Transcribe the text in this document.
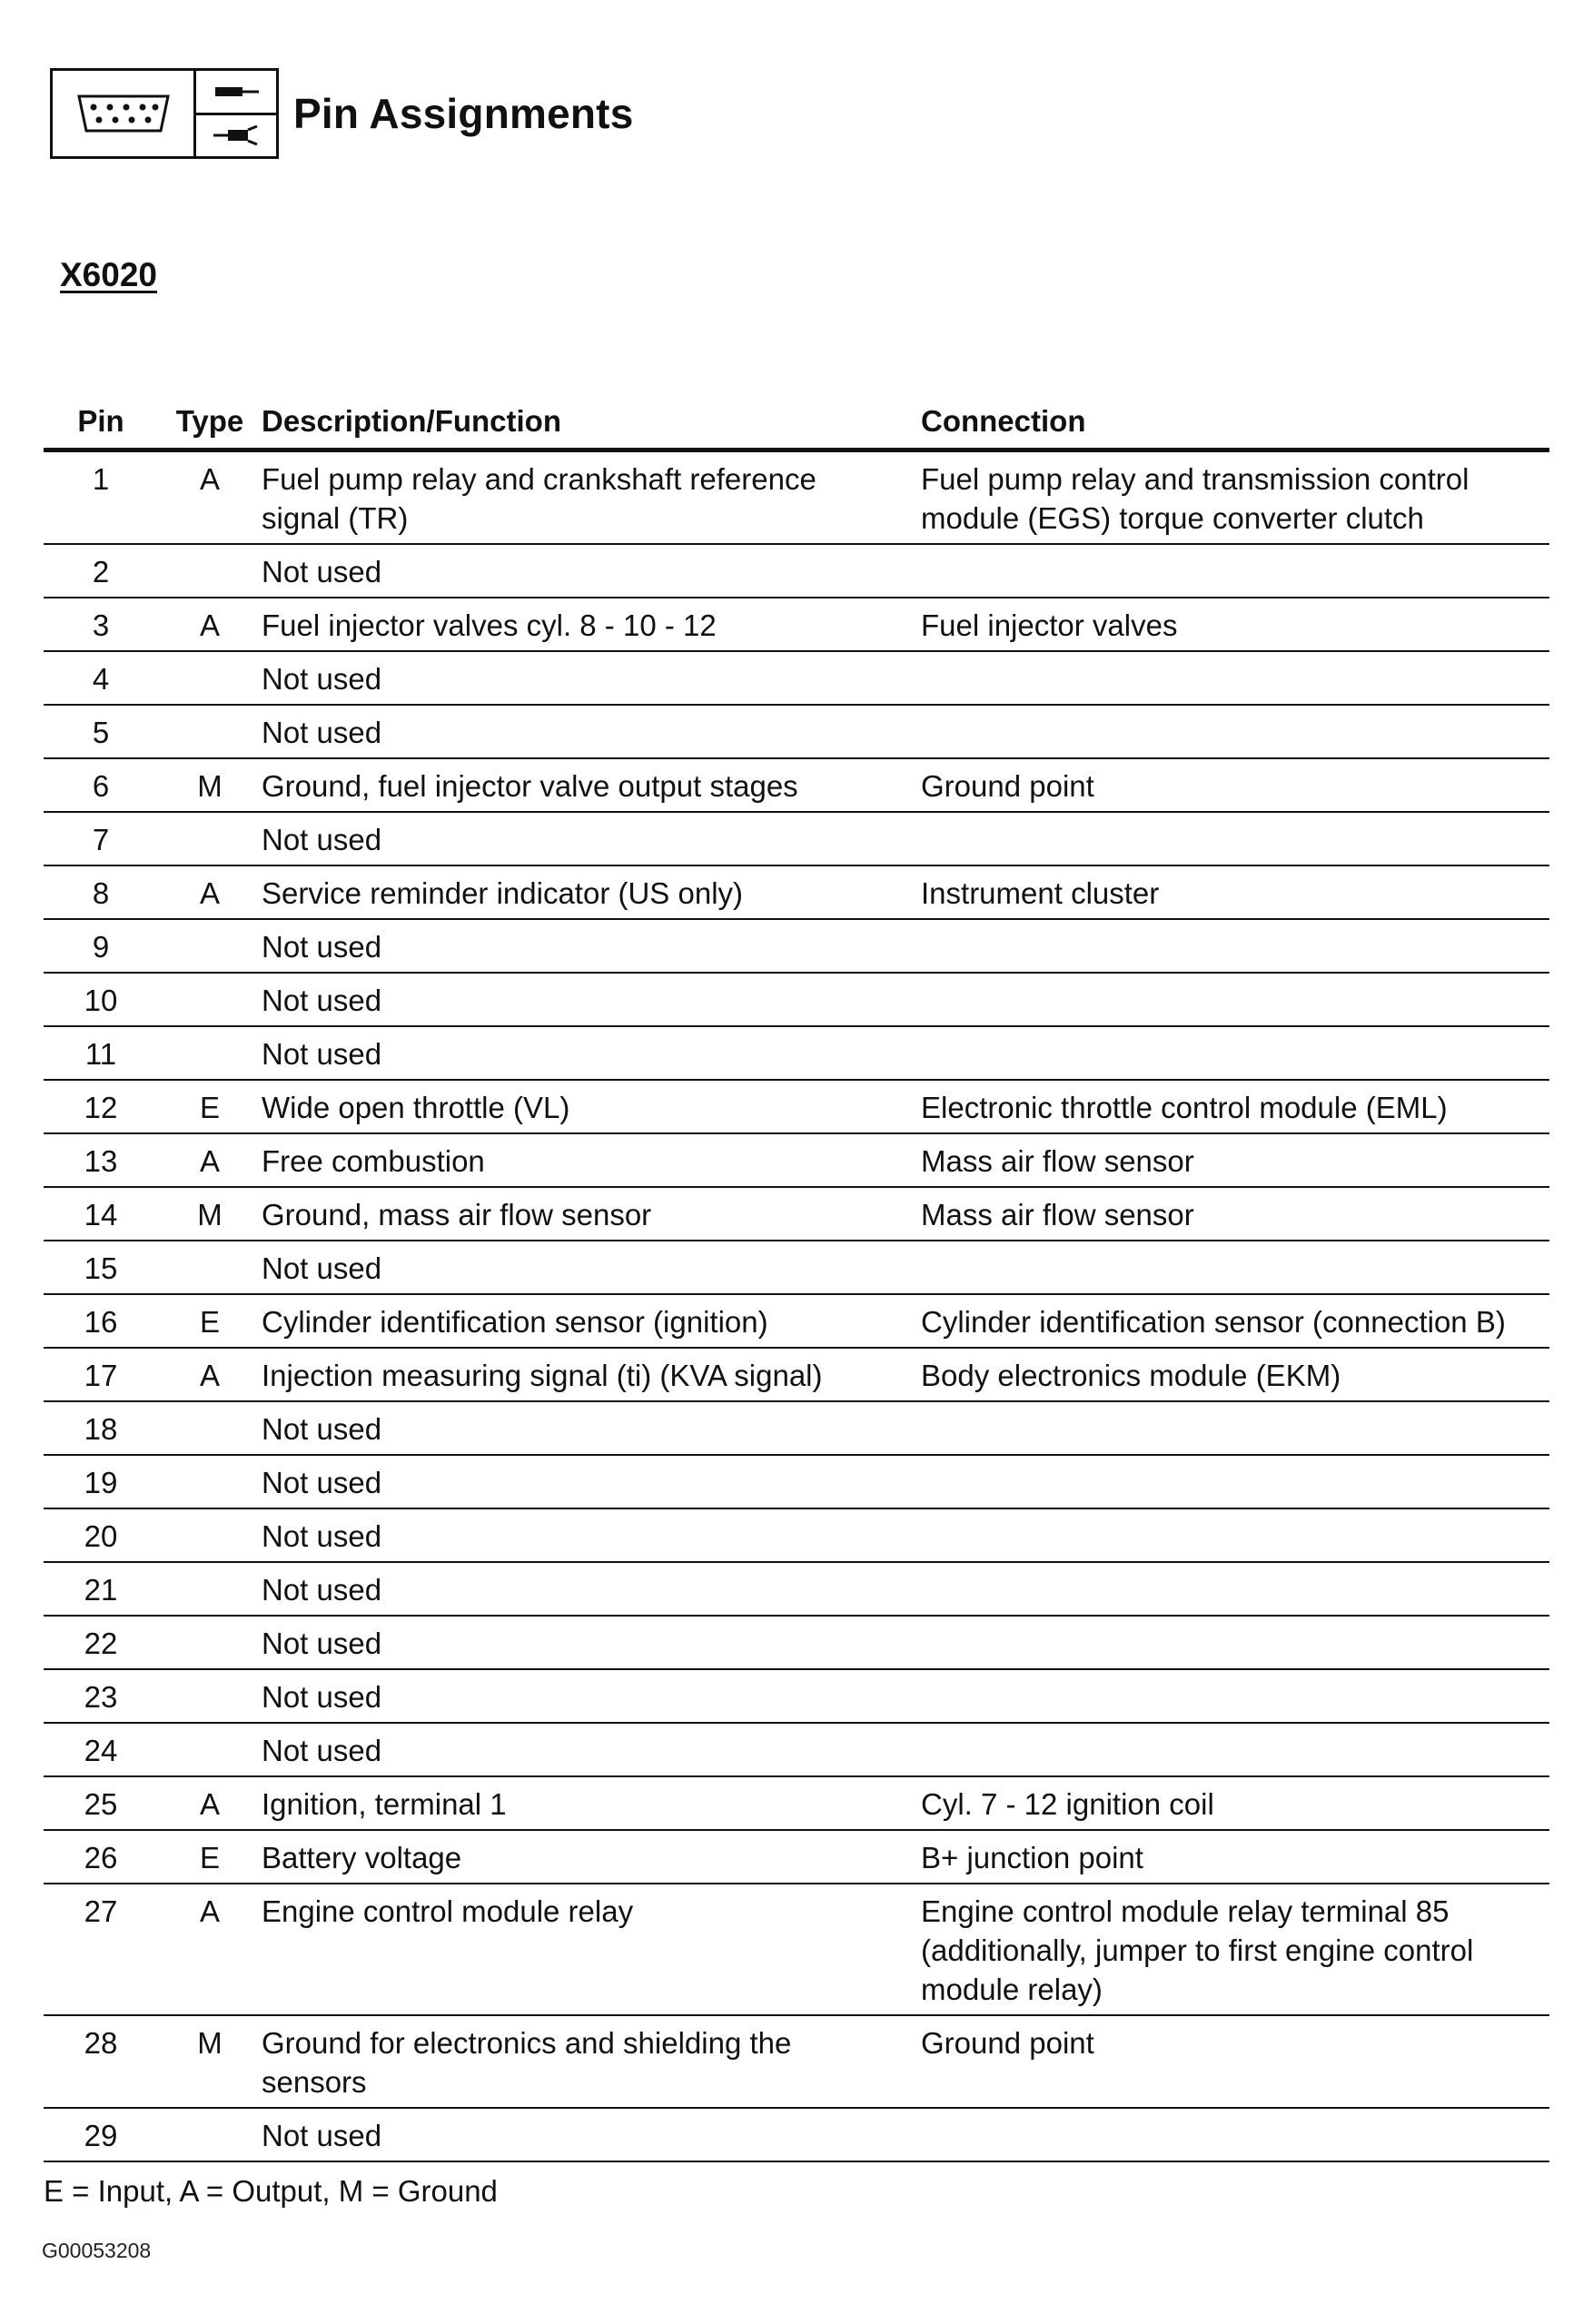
Pin Assignments
X6020
Pin	Type	Description/Function	Connection
1	A	Fuel pump relay and crankshaft reference signal (TR)	Fuel pump relay and transmission control module (EGS) torque converter clutch
2		Not used	
3	A	Fuel injector valves cyl. 8 - 10 - 12	Fuel injector valves
4		Not used	
5		Not used	
6	M	Ground, fuel injector valve output stages	Ground point
7		Not used	
8	A	Service reminder indicator (US only)	Instrument cluster
9		Not used	
10		Not used	
11		Not used	
12	E	Wide open throttle (VL)	Electronic throttle control module (EML)
13	A	Free combustion	Mass air flow sensor
14	M	Ground, mass air flow sensor	Mass air flow sensor
15		Not used	
16	E	Cylinder identification sensor (ignition)	Cylinder identification sensor (connection B)
17	A	Injection measuring signal (ti) (KVA signal)	Body electronics module (EKM)
18		Not used	
19		Not used	
20		Not used	
21		Not used	
22		Not used	
23		Not used	
24		Not used	
25	A	Ignition, terminal 1	Cyl. 7 - 12 ignition coil
26	E	Battery voltage	B+ junction point
27	A	Engine control module relay	Engine control module relay terminal 85 (additionally, jumper to first engine control module relay)
28	M	Ground for electronics and shielding the sensors	Ground point
29		Not used	
E = Input, A = Output, M = Ground
G00053208
